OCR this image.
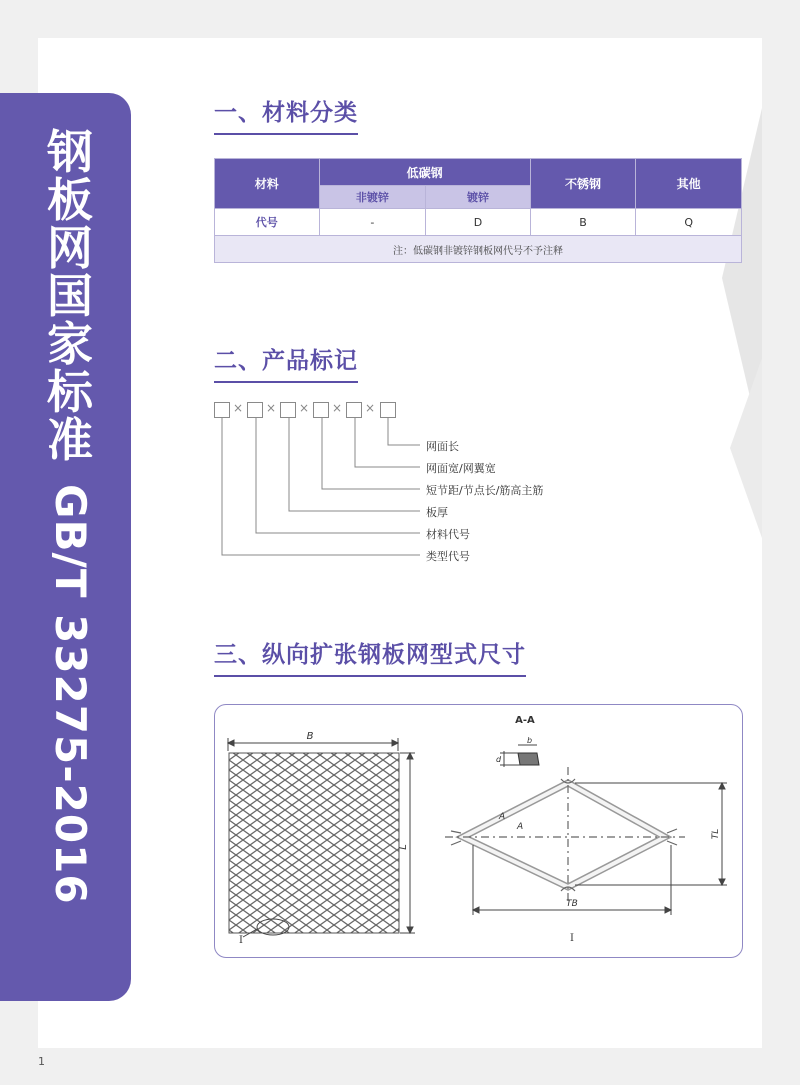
钢
板
网
国
家
标
准
GB/T 33275-2016
1
一、材料分类
材料	低碳钢		不锈钢	其他
	非镀锌	镀锌		
代号	-	D	B	Q
注：低碳钢非镀锌钢板网代号不予注释				
二、产品标记
× × × × ×
网面长
网面宽/网翼宽
短节距/节点长/筋高主筋
板厚
材料代号
类型代号
三、纵向扩张钢板网型式尺寸
B
L
I
A-A
b
d
A
A
TL
TB
I
